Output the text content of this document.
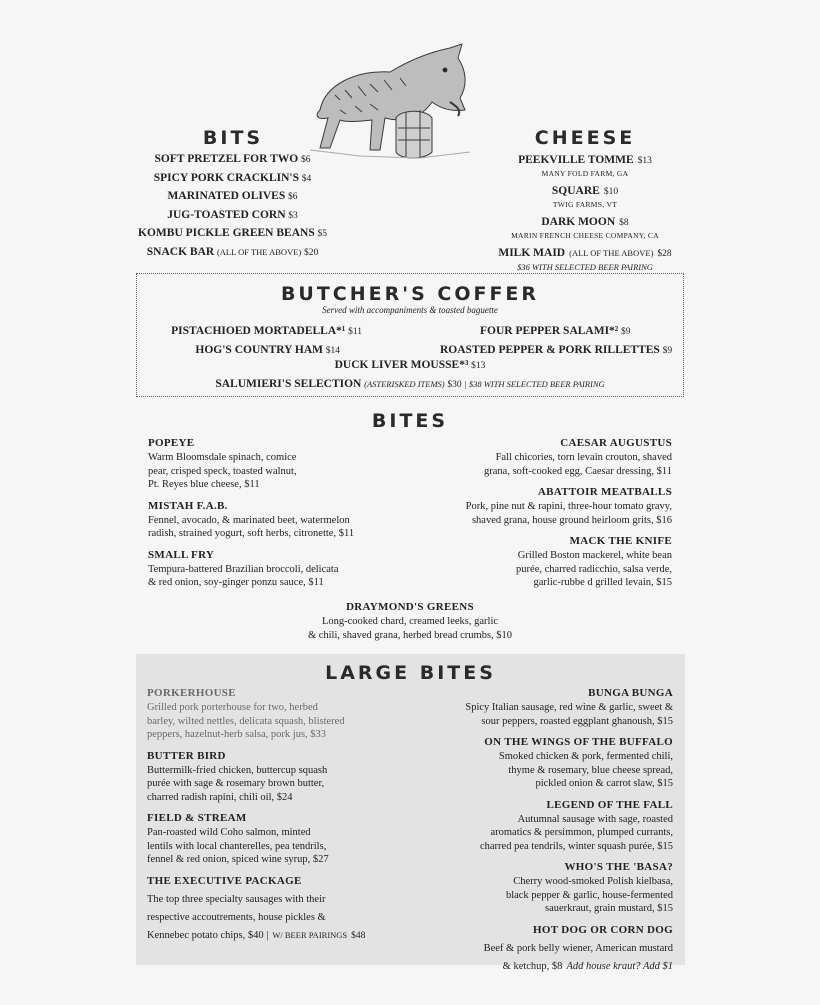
BITS
SOFT PRETZEL FOR TWO $6
SPICY PORK CRACKLIN'S $4
MARINATED OLIVES $6
JUG-TOASTED CORN $3
KOMBU PICKLE GREEN BEANS $5
SNACK BAR (ALL OF THE ABOVE) $20
CHEESE
PEEKVILLE TOMME $13
MANY FOLD FARM, GA
SQUARE $10
TWIG FARMS, VT
DARK MOON $8
MARIN FRENCH CHEESE COMPANY, CA
MILK MAID (ALL OF THE ABOVE) $28
$36 WITH SELECTED BEER PAIRING
BUTCHER'S COFFER
Served with accompaniments & toasted baguette
PISTACHIOED MORTADELLA*¹ $11
HOG'S COUNTRY HAM $14
FOUR PEPPER SALAMI*² $9
ROASTED PEPPER & PORK RILLETTES $9
DUCK LIVER MOUSSE*³ $13
SALUMIERI'S SELECTION (ASTERISKED ITEMS) $30 | $38 WITH SELECTED BEER PAIRING
BITES
POPEYE
Warm Bloomsdale spinach, comice
pear, crisped speck, toasted walnut,
Pt. Reyes blue cheese, $11
MISTAH F.A.B.
Fennel, avocado, & marinated beet, watermelon
radish, strained yogurt, soft herbs, citronette, $11
SMALL FRY
Tempura-battered Brazilian broccoli, delicata
& red onion, soy-ginger ponzu sauce, $11
CAESAR AUGUSTUS
Fall chicories, torn levain crouton, shaved
grana, soft-cooked egg, Caesar dressing, $11
ABATTOIR MEATBALLS
Pork, pine nut & rapini, three-hour tomato gravy,
shaved grana, house ground heirloom grits, $16
MACK THE KNIFE
Grilled Boston mackerel, white bean
purée, charred radicchio, salsa verde,
garlic-rubbe d grilled levain, $15
DRAYMOND'S GREENS
Long-cooked chard, creamed leeks, garlic
& chili, shaved grana, herbed bread crumbs, $10
LARGE BITES
PORKERHOUSE
Grilled pork porterhouse for two, herbed
barley, wilted nettles, delicata squash, blistered
peppers, hazelnut-herb salsa, pork jus, $33
BUTTER BIRD
Buttermilk-fried chicken, buttercup squash
purée with sage & rosemary brown butter,
charred radish rapini, chili oil, $24
FIELD & STREAM
Pan-roasted wild Coho salmon, minted
lentils with local chanterelles, pea tendrils,
fennel & red onion, spiced wine syrup, $27
THE EXECUTIVE PACKAGE
The top three specialty sausages with their
respective accoutrements, house pickles &
Kennebec potato chips, $40 | W/ BEER PAIRINGS $48
BUNGA BUNGA
Spicy Italian sausage, red wine & garlic, sweet &
sour peppers, roasted eggplant ghanoush, $15
ON THE WINGS OF THE BUFFALO
Smoked chicken & pork, fermented chili,
thyme & rosemary, blue cheese spread,
pickled onion & carrot slaw, $15
LEGEND OF THE FALL
Autumnal sausage with sage, roasted
aromatics & persimmon, plumped currants,
charred pea tendrils, winter squash purée, $15
WHO'S THE 'BASA?
Cherry wood-smoked Polish kielbasa,
black pepper & garlic, house-fermented
sauerkraut, grain mustard, $15
HOT DOG OR CORN DOG
Beef & pork belly wiener, American mustard
& ketchup, $8 Add house kraut? Add $1
